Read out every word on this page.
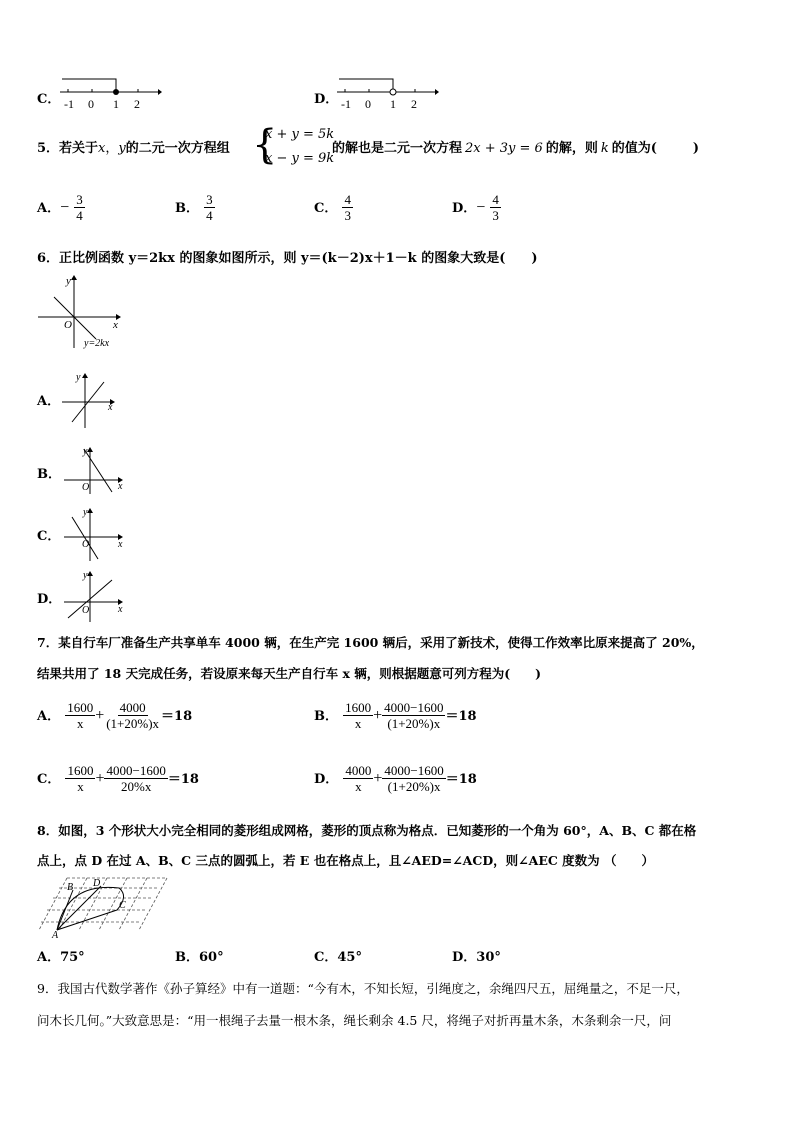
C． -1 0 1 2	D． -1 0 1 2
5．若关于x，y的二元一次方程组 {
x + y = 5k
x − y = 9k
的解也是二元一次方程 2x + 3y = 6 的解，则 k 的值为(	)
A．− $\frac{3}{4}$	B． $\frac{3}{4}$	C． $\frac{4}{3}$	D．− $\frac{4}{3}$
6．正比例函数 y＝2kx 的图象如图所示，则 y＝(k－2)x＋1－k 的图象大致是(　　)
y
x
O
y=2kx
A．
y
x
B．
y
x
O
C．
y
x
O
D．
y
x
O
7．某自行车厂准备生产共享单车 4000 辆，在生产完 1600 辆后，采用了新技术，使得工作效率比原来提高了 20%，
结果共用了 18 天完成任务，若设原来每天生产自行车 x 辆，则根据题意可列方程为(　　)
A． $\frac{1600}{x} + \frac{4000}{(1+20\%)x} =18$	B． $\frac{1600}{x} + \frac{4000-1600}{(1+20\%)x} =18$
C． $\frac{1600}{x} + \frac{4000-1600}{20\%x} =18$	D． $\frac{4000}{x} + \frac{4000-1600}{(1+20\%)x} =18$
8．如图，3 个形状大小完全相同的菱形组成网格，菱形的顶点称为格点．已知菱形的一个角为 60°，A、B、C 都在格
点上，点 D 在过 A、B、C 三点的圆弧上，若 E 也在格点上，且∠AED=∠ACD，则∠AEC 度数为 （　　）
A
B
C
D
A．75°	B．60°	C．45°	D．30°
9．我国古代数学著作《孙子算经》中有一道题：“今有木，不知长短，引绳度之，余绳四尺五，屈绳量之，不足一尺，
问木长几何。”大致意思是：“用一根绳子去量一根木条，绳长剩余 4.5 尺，将绳子对折再量木条，木条剩余一尺，问
